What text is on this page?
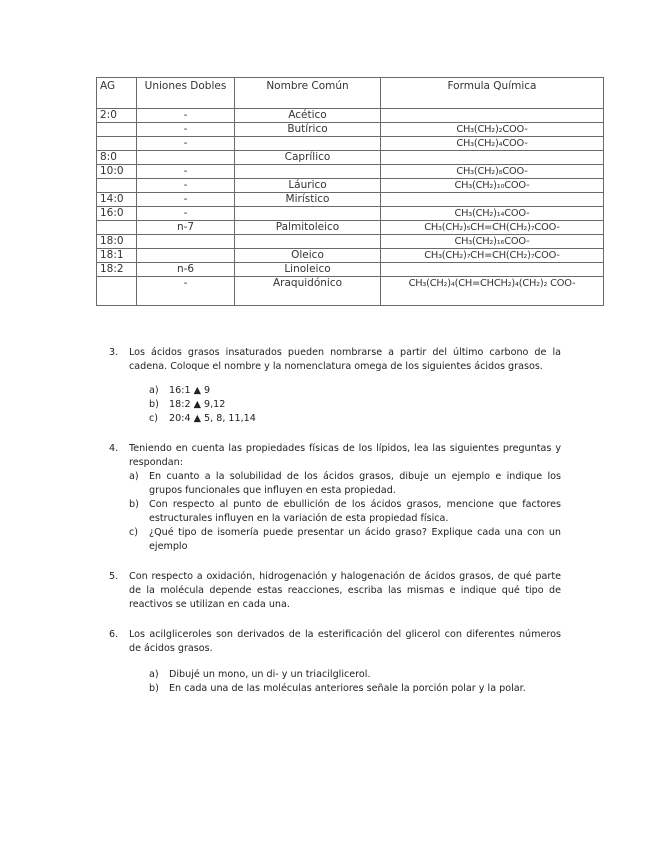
AG	Uniones Dobles	Nombre Común	Formula Química
2:0	-	Acético	
	-	Butírico	CH₃(CH₂)₂COO-
	-		CH₃(CH₂)₄COO-
8:0		Caprílico	
10:0	-		CH₃(CH₂)₈COO-
	-	Láurico	CH₃(CH₂)₁₀COO-
14:0	-	Mirístico	
16:0	-		CH₃(CH₂)₁₄COO-
	n-7	Palmitoleico	CH₃(CH₂)₅CH=CH(CH₂)₇COO-
18:0			CH₃(CH₂)₁₆COO-
18:1		Oleico	CH₃(CH₂)₇CH=CH(CH₂)₇COO-
18:2	n-6	Linoleico	
	-	Araquidónico	CH₃(CH₂)₄(CH=CHCH₂)₄(CH₂)₂ COO-
3. Los ácidos grasos insaturados pueden nombrarse a partir del último carbono de la cadena. Coloque el nombre y la nomenclatura omega de los siguientes ácidos grasos.

a) 16:1 ▲ 9
b) 18:2 ▲ 9,12
c) 20:4 ▲ 5, 8, 11,14
4. Teniendo en cuenta las propiedades físicas de los lípidos, lea las siguientes preguntas y respondan:

a) En cuanto a la solubilidad de los ácidos grasos, dibuje un ejemplo e indique los grupos funcionales que influyen en esta propiedad.
b) Con respecto al punto de ebullición de los ácidos grasos, mencione que factores estructurales influyen en la variación de esta propiedad física.
c) ¿Qué tipo de isomería puede presentar un ácido graso? Explique cada una con un ejemplo
5. Con respecto a oxidación, hidrogenación y halogenación de ácidos grasos, de qué parte de la molécula depende estas reacciones, escriba las mismas e indique qué tipo de reactivos se utilizan en cada una.

6. Los acilgliceroles son derivados de la esterificación del glicerol con diferentes números de ácidos grasos.

a) Dibujé un mono, un di- y un triacilglicerol.
b) En cada una de las moléculas anteriores señale la porción polar y la polar.
